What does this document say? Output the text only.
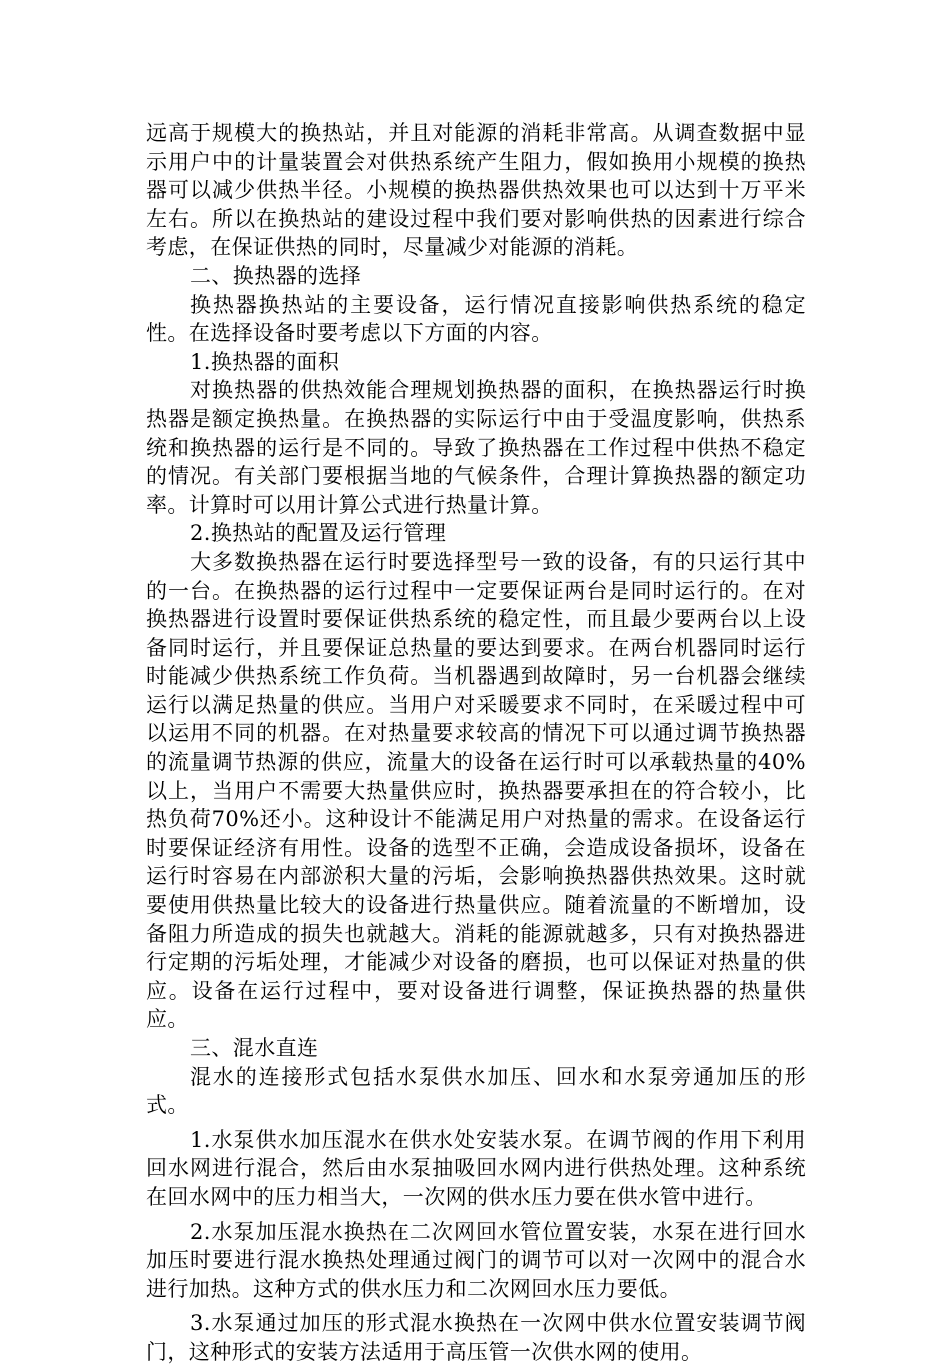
远高于规模大的换热站，并且对能源的消耗非常高。从调查数据中显示用户中的计量装置会对供热系统产生阻力，假如换用小规模的换热器可以减少供热半径。小规模的换热器供热效果也可以达到十万平米左右。所以在换热站的建设过程中我们要对影响供热的因素进行综合考虑，在保证供热的同时，尽量减少对能源的消耗。

二、换热器的选择

换热器换热站的主要设备，运行情况直接影响供热系统的稳定性。在选择设备时要考虑以下方面的内容。

1.换热器的面积

对换热器的供热效能合理规划换热器的面积，在换热器运行时换热器是额定换热量。在换热器的实际运行中由于受温度影响，供热系统和换热器的运行是不同的。导致了换热器在工作过程中供热不稳定的情况。有关部门要根据当地的气候条件，合理计算换热器的额定功率。计算时可以用计算公式进行热量计算。

2.换热站的配置及运行管理

大多数换热器在运行时要选择型号一致的设备，有的只运行其中的一台。在换热器的运行过程中一定要保证两台是同时运行的。在对换热器进行设置时要保证供热系统的稳定性，而且最少要两台以上设备同时运行，并且要保证总热量的要达到要求。在两台机器同时运行时能减少供热系统工作负荷。当机器遇到故障时，另一台机器会继续运行以满足热量的供应。当用户对采暖要求不同时，在采暖过程中可以运用不同的机器。在对热量要求较高的情况下可以通过调节换热器的流量调节热源的供应，流量大的设备在运行时可以承载热量的40%以上，当用户不需要大热量供应时，换热器要承担在的符合较小，比热负荷70%还小。这种设计不能满足用户对热量的需求。在设备运行时要保证经济有用性。设备的选型不正确，会造成设备损坏，设备在运行时容易在内部淤积大量的污垢，会影响换热器供热效果。这时就要使用供热量比较大的设备进行热量供应。随着流量的不断增加，设备阻力所造成的损失也就越大。消耗的能源就越多，只有对换热器进行定期的污垢处理，才能减少对设备的磨损，也可以保证对热量的供应。设备在运行过程中，要对设备进行调整，保证换热器的热量供应。

三、混水直连

混水的连接形式包括水泵供水加压、回水和水泵旁通加压的形式。

1.水泵供水加压混水在供水处安装水泵。在调节阀的作用下利用回水网进行混合，然后由水泵抽吸回水网内进行供热处理。这种系统在回水网中的压力相当大，一次网的供水压力要在供水管中进行。

2.水泵加压混水换热在二次网回水管位置安装，水泵在进行回水加压时要进行混水换热处理通过阀门的调节可以对一次网中的混合水进行加热。这种方式的供水压力和二次网回水压力要低。

3.水泵通过加压的形式混水换热在一次网中供水位置安装调节阀门，这种形式的安装方法适用于高压管一次供水网的使用。
